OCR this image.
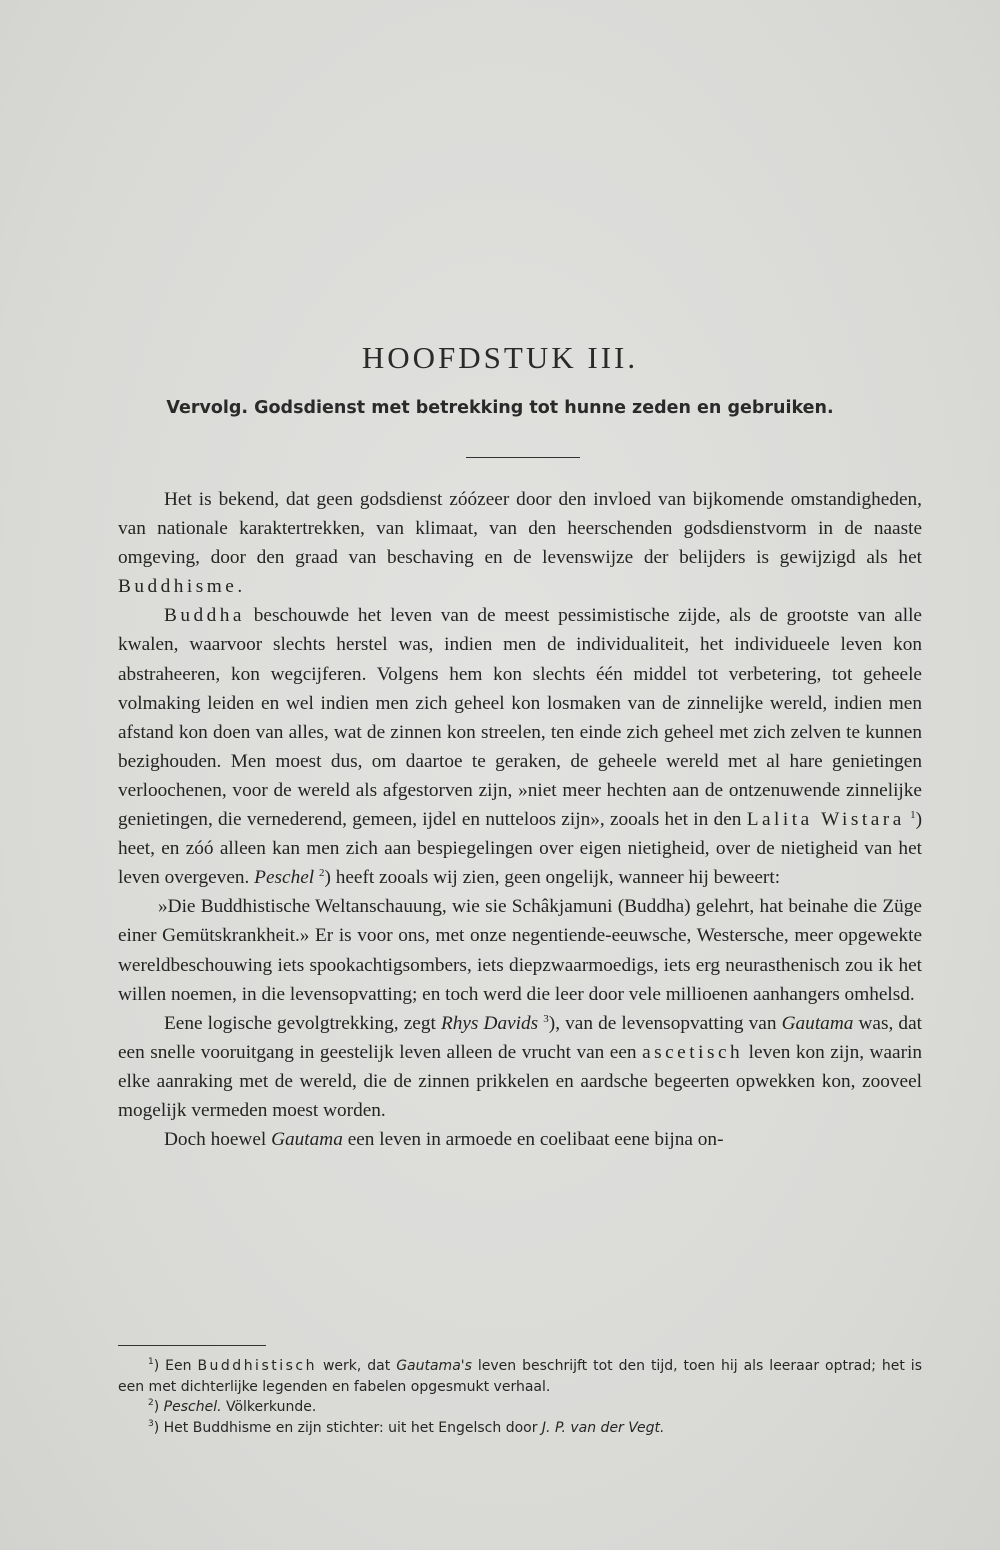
HOOFDSTUK III.
Vervolg. Godsdienst met betrekking tot hunne zeden en gebruiken.

Het is bekend, dat geen godsdienst zóózeer door den invloed van bijkomende omstandigheden, van nationale karaktertrekken, van klimaat, van den heerschenden godsdienstvorm in de naaste omgeving, door den graad van beschaving en de levenswijze der belijders is gewijzigd als het Buddhisme.

Buddha beschouwde het leven van de meest pessimistische zijde, als de grootste van alle kwalen, waarvoor slechts herstel was, indien men de individualiteit, het individueele leven kon abstraheeren, kon wegcijferen. Volgens hem kon slechts één middel tot verbetering, tot geheele volmaking leiden en wel indien men zich geheel kon losmaken van de zinnelijke wereld, indien men afstand kon doen van alles, wat de zinnen kon streelen, ten einde zich geheel met zich zelven te kunnen bezighouden. Men moest dus, om daartoe te geraken, de geheele wereld met al hare genietingen verloochenen, voor de wereld als afgestorven zijn, »niet meer hechten aan de ontzenuwende zinnelijke genietingen, die vernederend, gemeen, ijdel en nutteloos zijn», zooals het in den Lalita Wistara $^1$) heet, en zóó alleen kan men zich aan bespiegelingen over eigen nietigheid, over de nietigheid van het leven overgeven. Peschel $^2$) heeft zooals wij zien, geen ongelijk, wanneer hij beweert:

»Die Buddhistische Weltanschauung, wie sie Schâkjamuni (Buddha) gelehrt, hat beinahe die Züge einer Gemütskrankheit.» Er is voor ons, met onze negentiende-eeuwsche, Westersche, meer opgewekte wereldbeschouwing iets spookachtigsombers, iets diepzwaarmoedigs, iets erg neurasthenisch zou ik het willen noemen, in die levensopvatting; en toch werd die leer door vele millioenen aanhangers omhelsd.

Eene logische gevolgtrekking, zegt Rhys Davids $^3$), van de levensopvatting van Gautama was, dat een snelle vooruitgang in geestelijk leven alleen de vrucht van een ascetisch leven kon zijn, waarin elke aanraking met de wereld, die de zinnen prikkelen en aardsche begeerten opwekken kon, zooveel mogelijk vermeden moest worden.

Doch hoewel Gautama een leven in armoede en coelibaat eene bijna on-

$^1$) Een Buddhistisch werk, dat Gautama's leven beschrijft tot den tijd, toen hij als leeraar optrad; het is een met dichterlijke legenden en fabelen opgesmukt verhaal.

$^2$) Peschel. Völkerkunde.

$^3$) Het Buddhisme en zijn stichter: uit het Engelsch door J. P. van der Vegt.
